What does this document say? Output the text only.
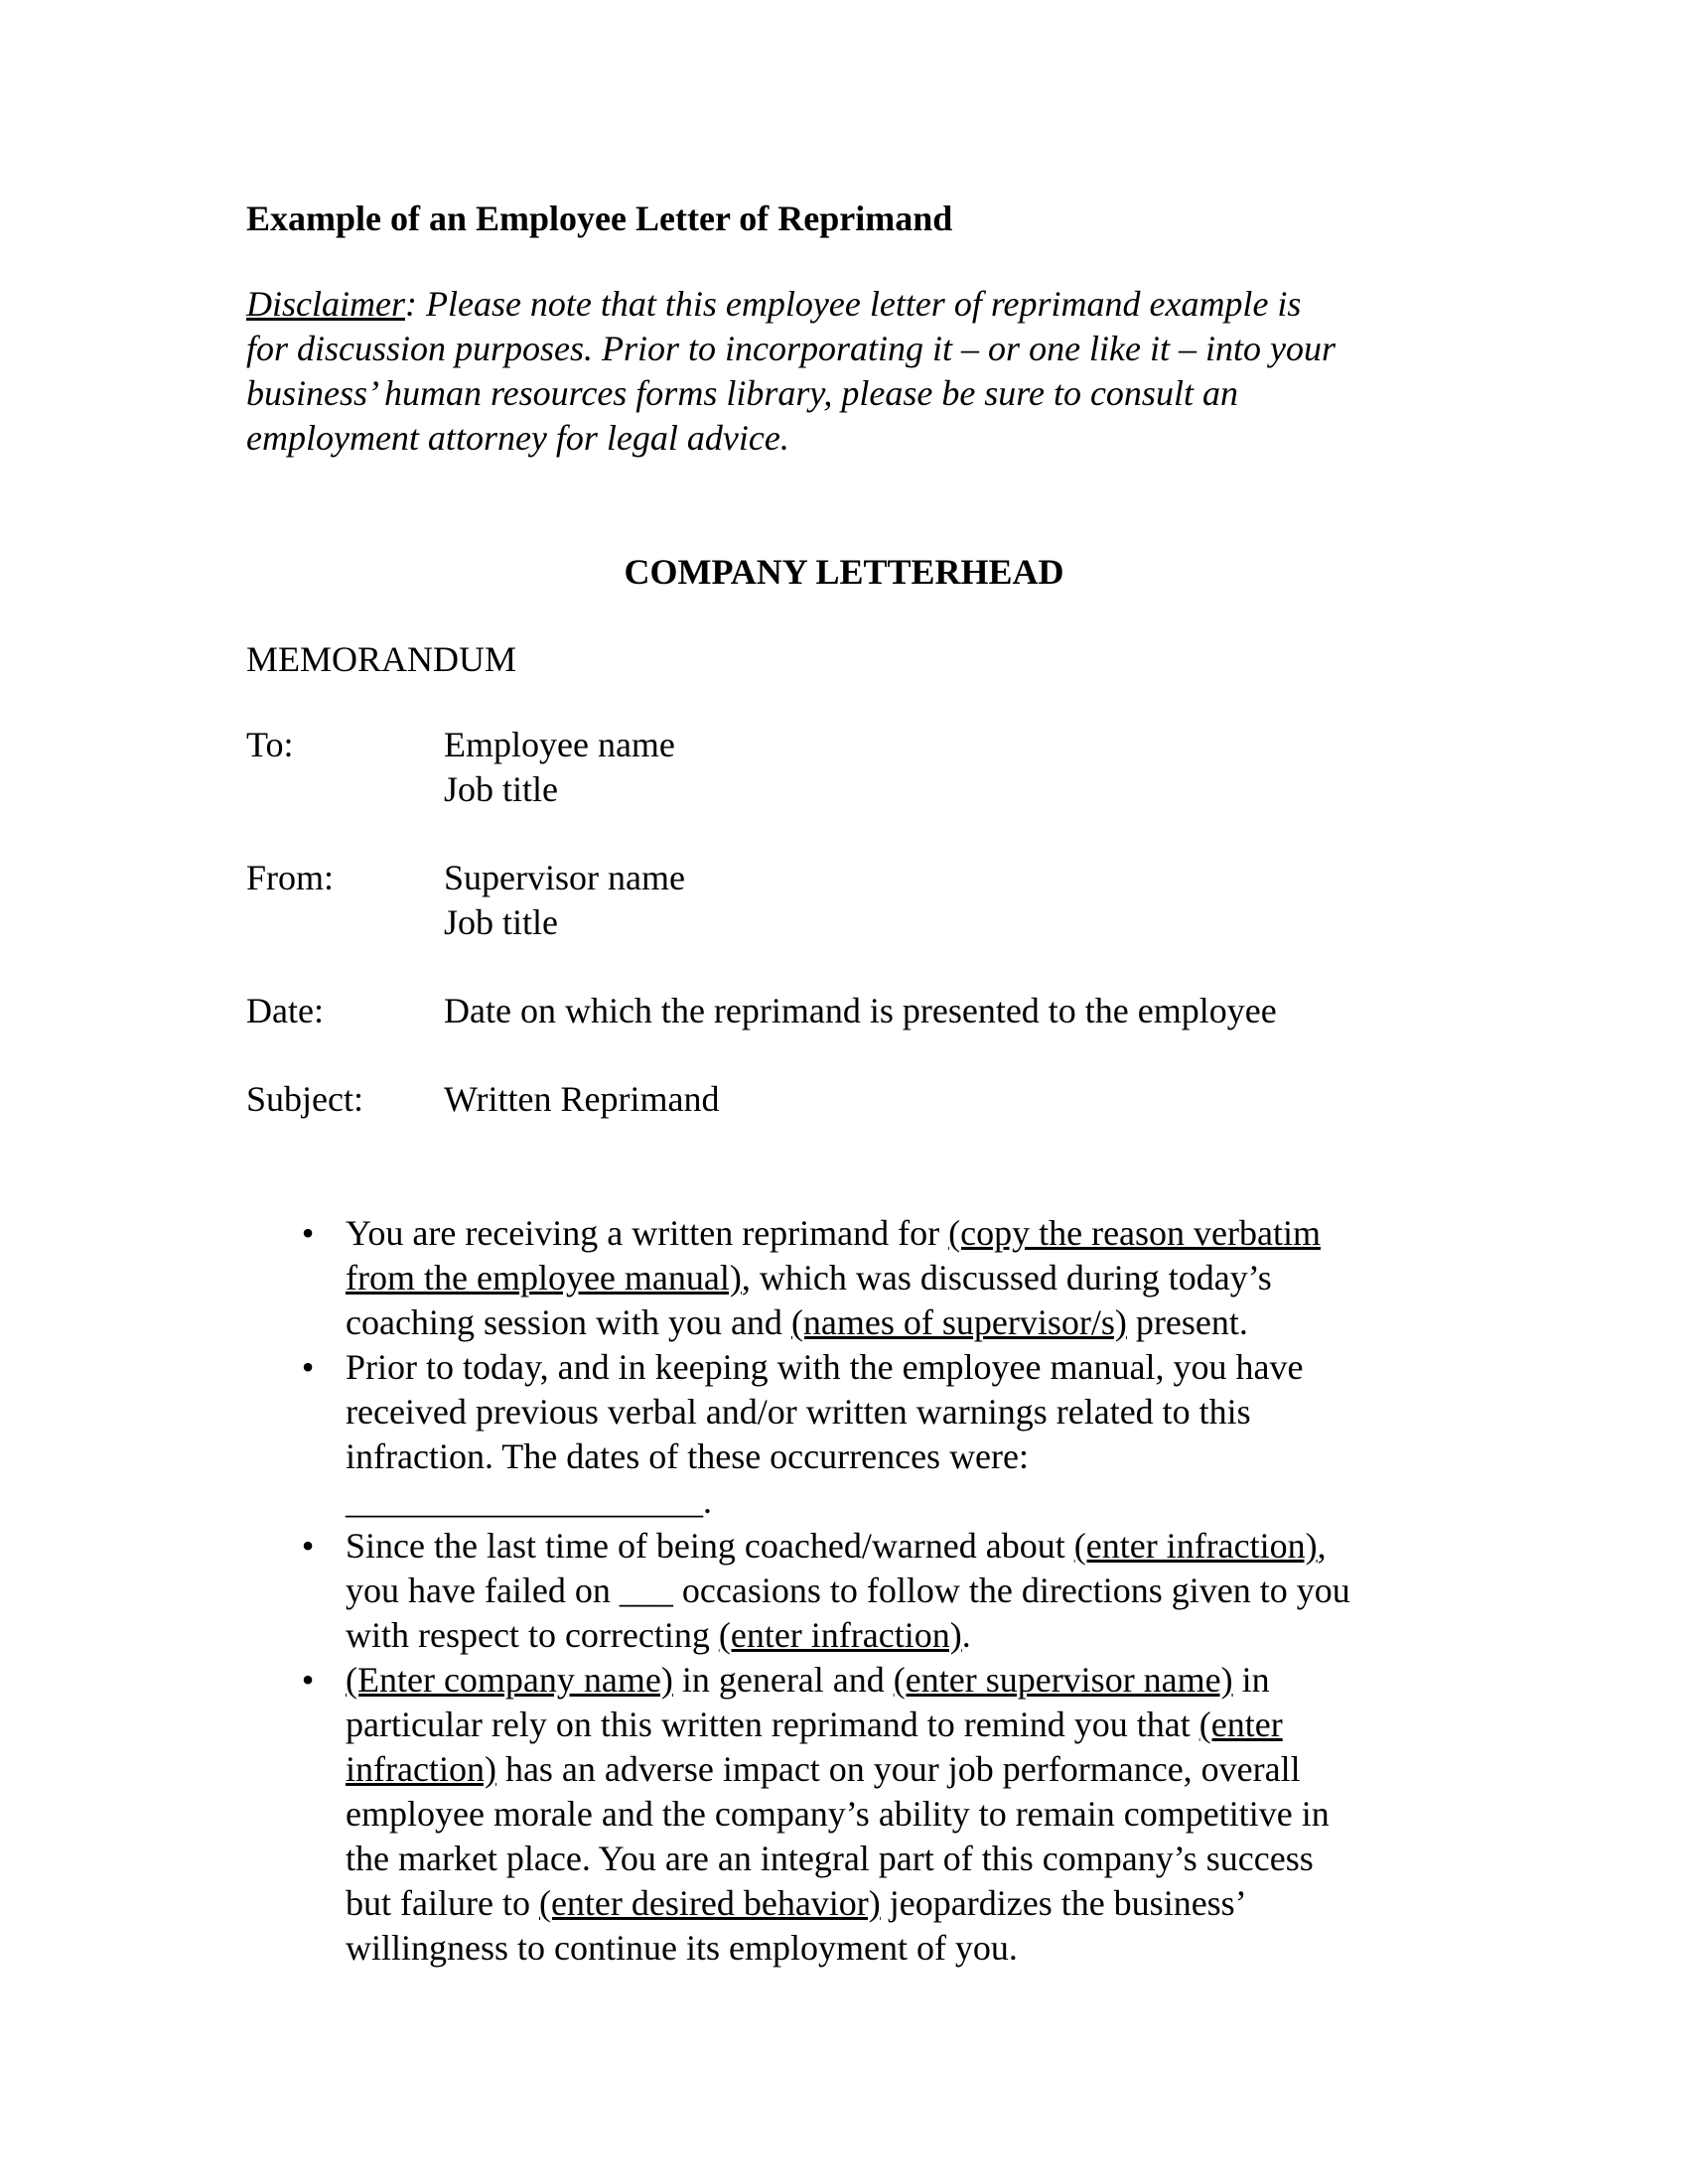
Example of an Employee Letter of Reprimand
Disclaimer: Please note that this employee letter of reprimand example is
for discussion purposes. Prior to incorporating it – or one like it – into your
business’ human resources forms library, please be sure to consult an
employment attorney for legal advice.
COMPANY LETTERHEAD
MEMORANDUM
To:	Employee name
Job title
From:	Supervisor name
Job title
Date:	Date on which the reprimand is presented to the employee
Subject: Written Reprimand
• You are receiving a written reprimand for (copy the reason verbatim
from the employee manual), which was discussed during today’s
coaching session with you and (names of supervisor/s) present.
• Prior to today, and in keeping with the employee manual, you have
received previous verbal and/or written warnings related to this
infraction. The dates of these occurrences were:
____________________.
• Since the last time of being coached/warned about (enter infraction),
you have failed on ___ occasions to follow the directions given to you
with respect to correcting (enter infraction).
• (Enter company name) in general and (enter supervisor name) in
particular rely on this written reprimand to remind you that (enter
infraction) has an adverse impact on your job performance, overall
employee morale and the company’s ability to remain competitive in
the market place. You are an integral part of this company’s success
but failure to (enter desired behavior) jeopardizes the business’
willingness to continue its employment of you.
